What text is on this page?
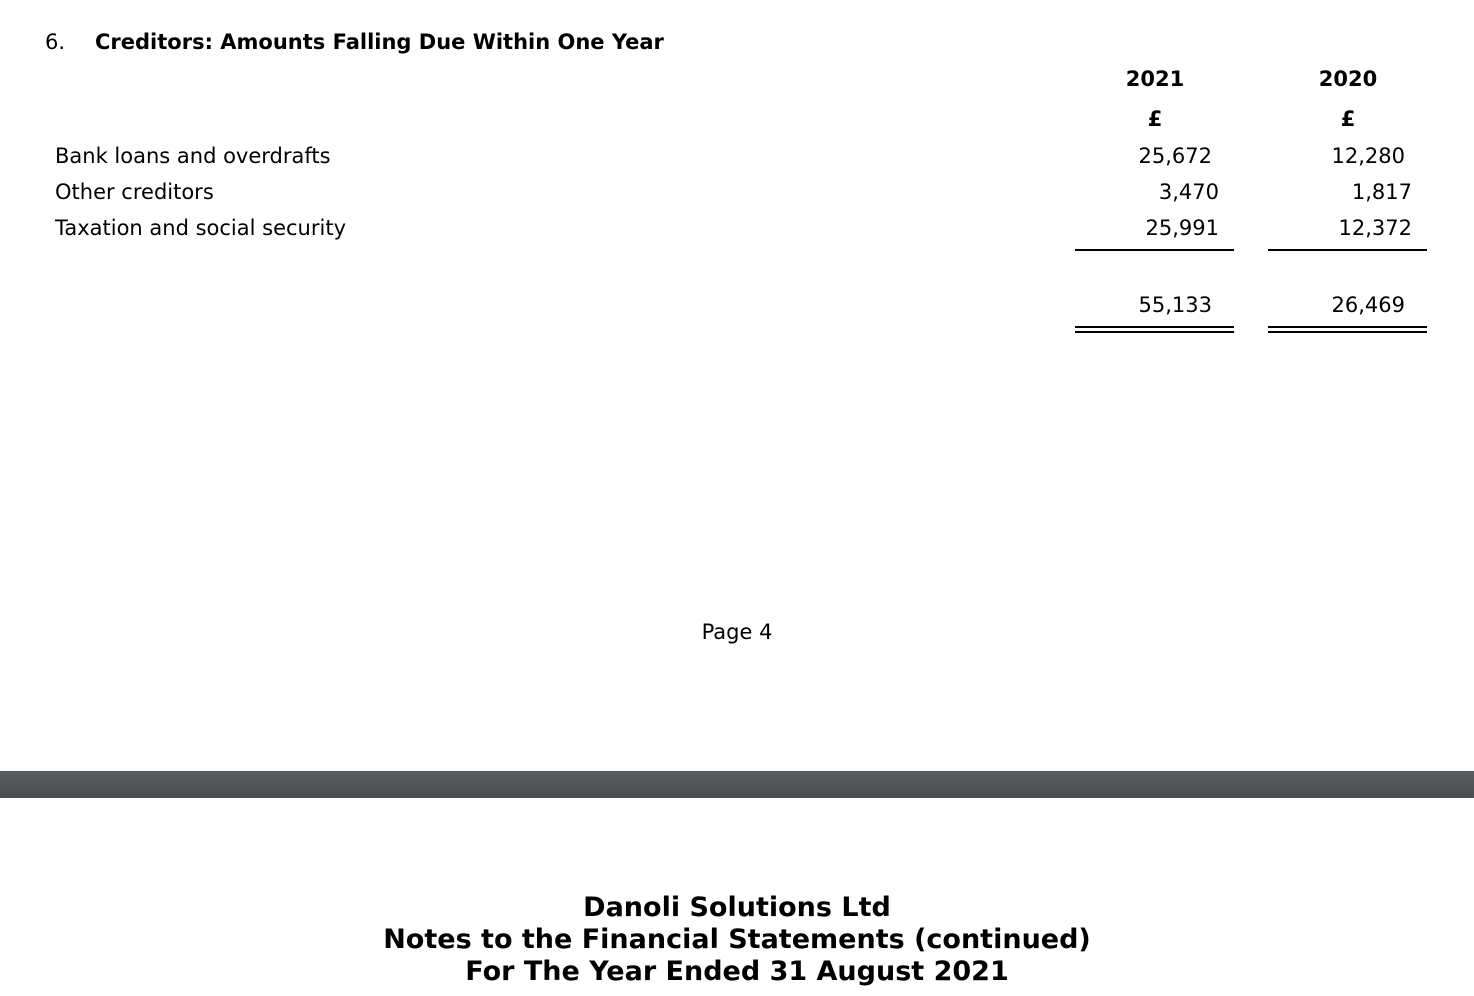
6. Creditors: Amounts Falling Due Within One Year
2021	2020
£	£
Bank loans and overdrafts	25,672	12,280
Other creditors	3,470	1,817
Taxation and social security	25,991	12,372
55,133	26,469
Page 4
Danoli Solutions Ltd
Notes to the Financial Statements (continued)
For The Year Ended 31 August 2021
